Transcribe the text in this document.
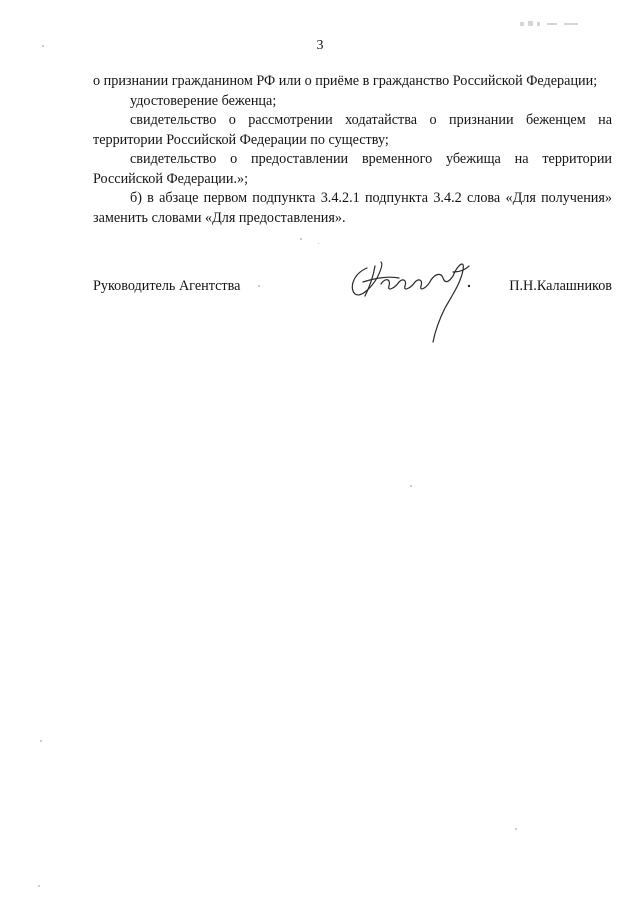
3

о признании гражданином РФ или о приёме в гражданство Российской Федерации;

удостоверение беженца;

свидетельство о рассмотрении ходатайства о признании беженцем на территории Российской Федерации по существу;

свидетельство о предоставлении временного убежища на территории Российской Федерации.»;

б) в абзаце первом подпункта 3.4.2.1 подпункта 3.4.2 слова «Для получения» заменить словами «Для предоставления».

Руководитель Агентства	П.Н.Калашников
